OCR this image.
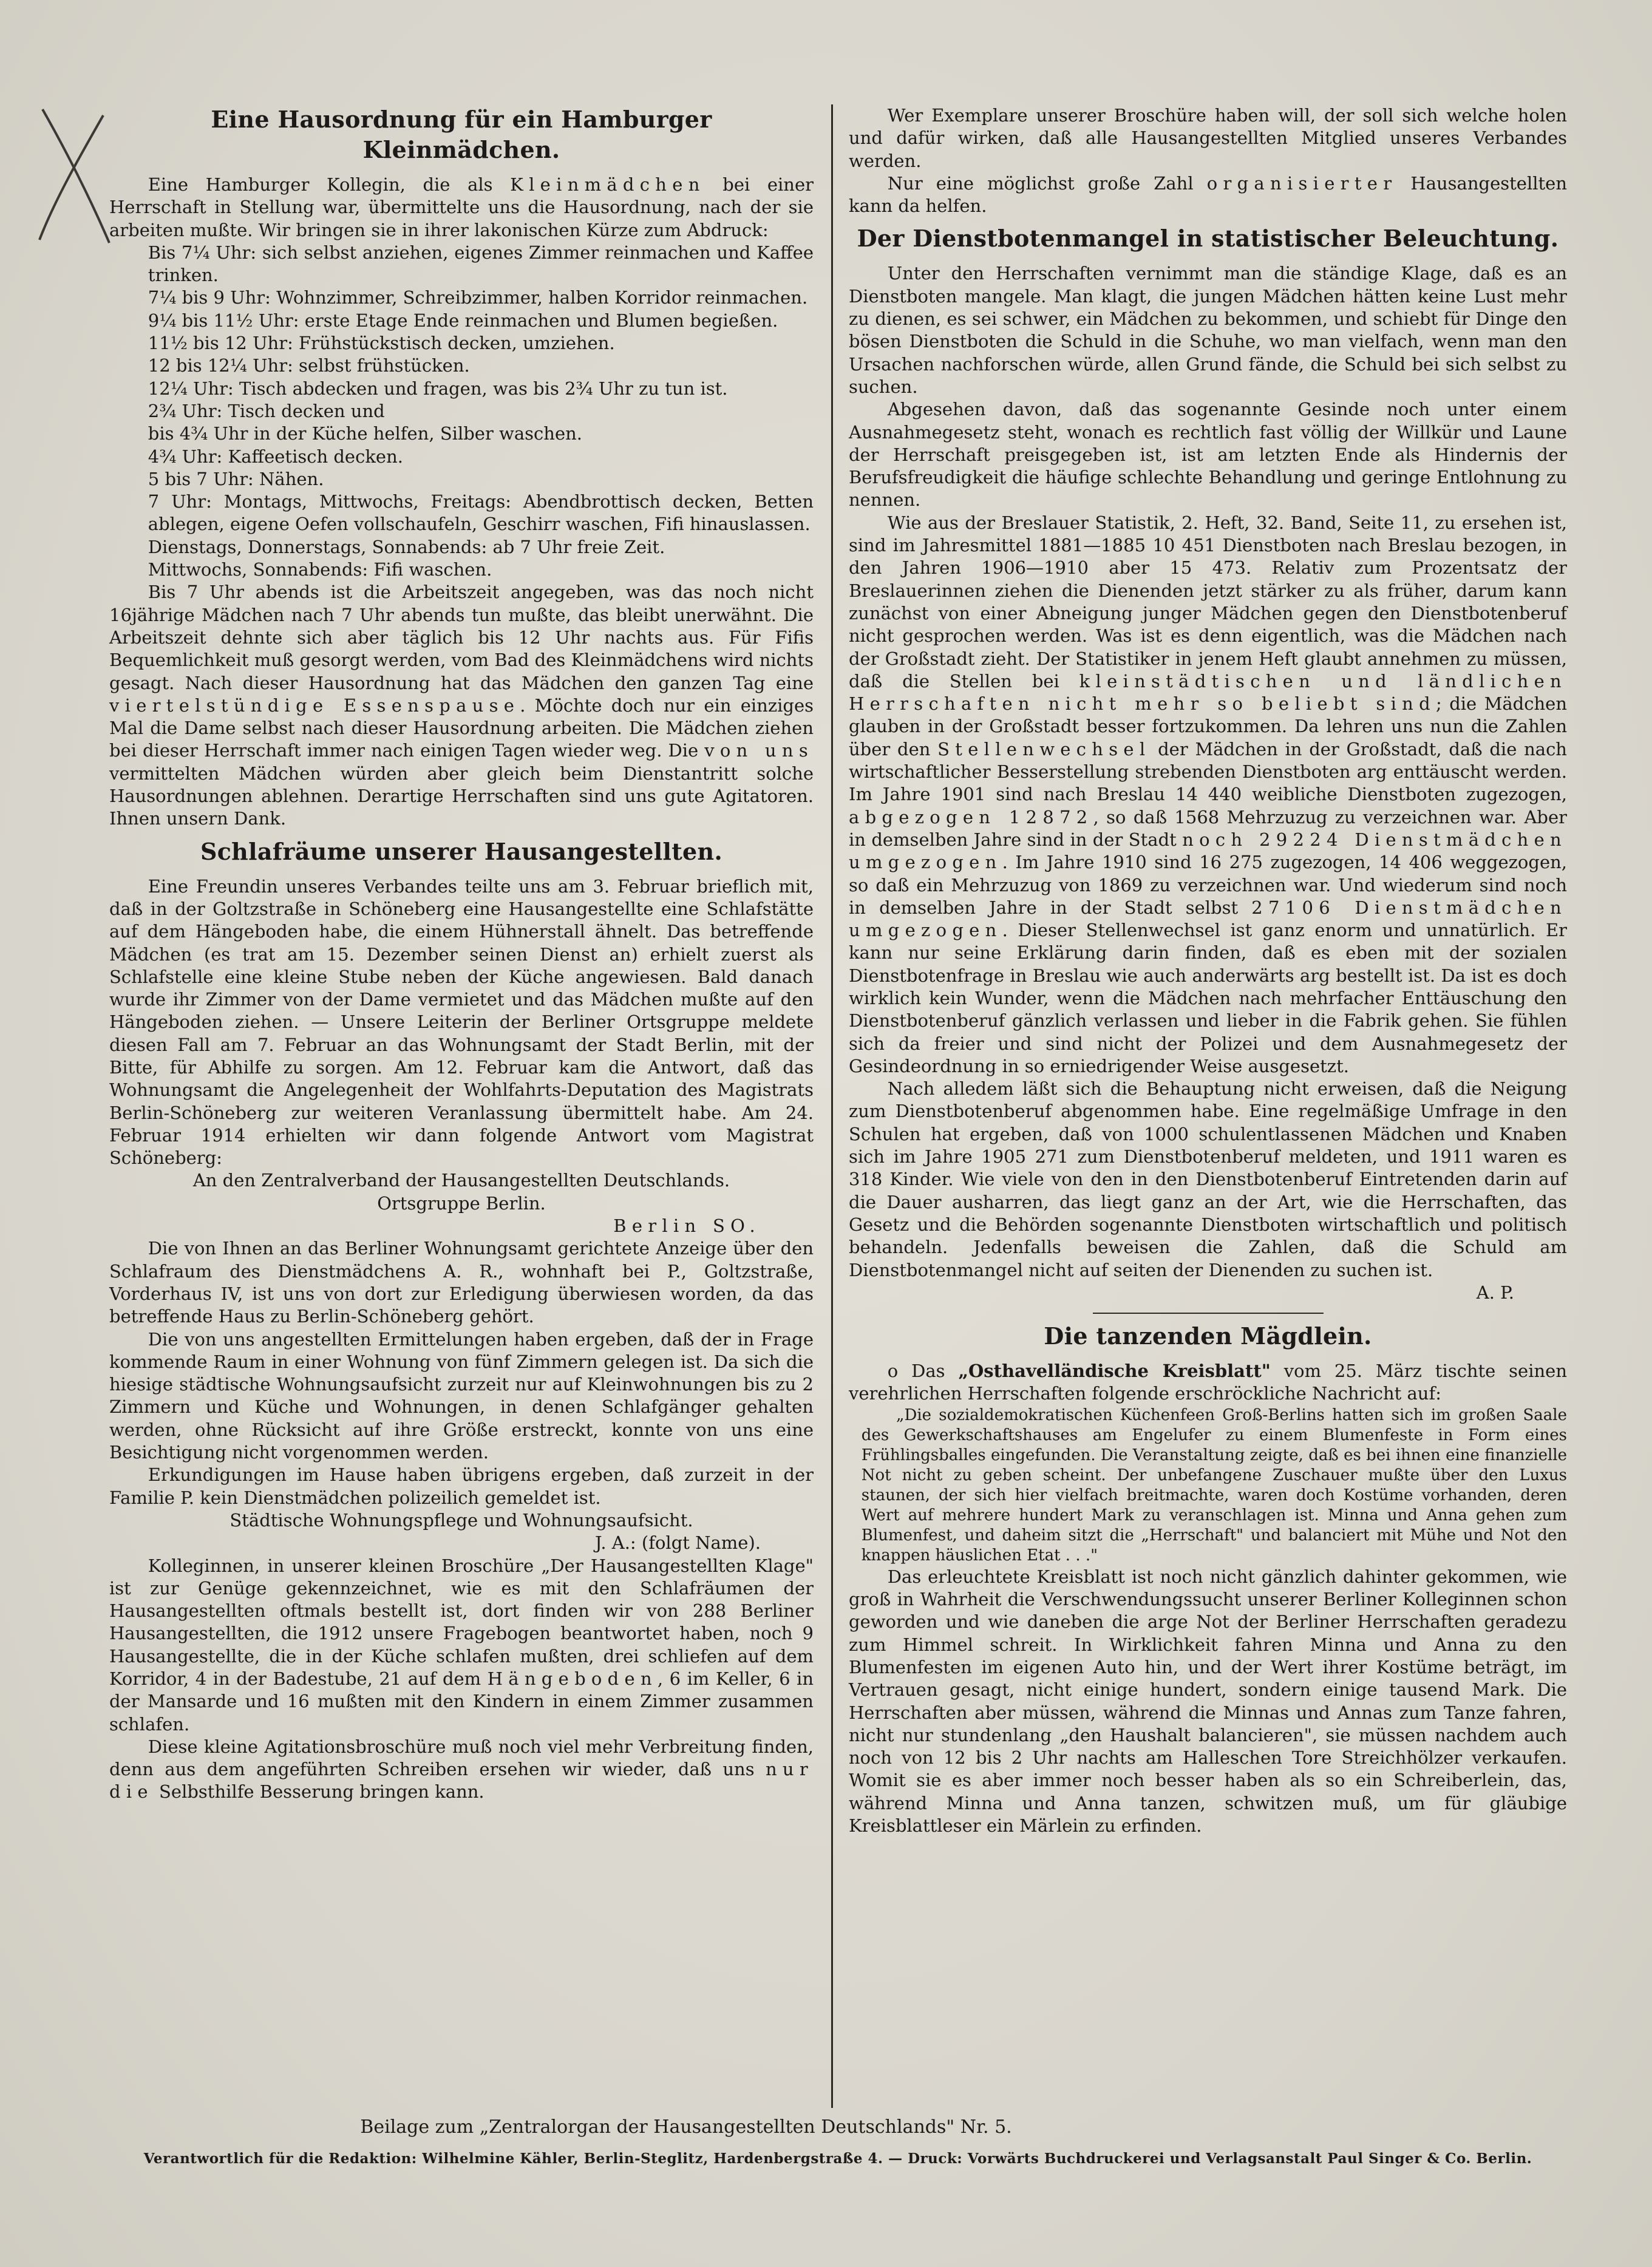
Eine Hausordnung für ein Hamburger Kleinmädchen.

Eine Hamburger Kollegin, die als Kleinmädchen bei einer Herrschaft in Stellung war, übermittelte uns die Hausordnung, nach der sie arbeiten mußte. Wir bringen sie in ihrer lakonischen Kürze zum Abdruck:

Bis 7¼ Uhr: sich selbst anziehen, eigenes Zimmer reinmachen und Kaffee trinken.

7¼ bis 9 Uhr: Wohnzimmer, Schreibzimmer, halben Korridor reinmachen.

9¼ bis 11½ Uhr: erste Etage Ende reinmachen und Blumen begießen.

11½ bis 12 Uhr: Frühstückstisch decken, umziehen.

12 bis 12¼ Uhr: selbst frühstücken.

12¼ Uhr: Tisch abdecken und fragen, was bis 2¾ Uhr zu tun ist.

2¾ Uhr: Tisch decken und

bis 4¾ Uhr in der Küche helfen, Silber waschen.

4¾ Uhr: Kaffeetisch decken.

5 bis 7 Uhr: Nähen.

7 Uhr: Montags, Mittwochs, Freitags: Abendbrottisch decken, Betten ablegen, eigene Oefen vollschaufeln, Geschirr waschen, Fifi hinauslassen.

Dienstags, Donnerstags, Sonnabends: ab 7 Uhr freie Zeit.

Mittwochs, Sonnabends: Fifi waschen.

Bis 7 Uhr abends ist die Arbeitszeit angegeben, was das noch nicht 16jährige Mädchen nach 7 Uhr abends tun mußte, das bleibt unerwähnt. Die Arbeitszeit dehnte sich aber täglich bis 12 Uhr nachts aus. Für Fifis Bequemlichkeit muß gesorgt werden, vom Bad des Kleinmädchens wird nichts gesagt. Nach dieser Hausordnung hat das Mädchen den ganzen Tag eine viertelstündige Essenspause. Möchte doch nur ein einziges Mal die Dame selbst nach dieser Hausordnung arbeiten. Die Mädchen ziehen bei dieser Herrschaft immer nach einigen Tagen wieder weg. Die von uns vermittelten Mädchen würden aber gleich beim Dienstantritt solche Hausordnungen ablehnen. Derartige Herrschaften sind uns gute Agitatoren. Ihnen unsern Dank.

Schlafräume unserer Hausangestellten.

Eine Freundin unseres Verbandes teilte uns am 3. Februar brieflich mit, daß in der Goltzstraße in Schöneberg eine Hausangestellte eine Schlafstätte auf dem Hängeboden habe, die einem Hühnerstall ähnelt. Das betreffende Mädchen (es trat am 15. Dezember seinen Dienst an) erhielt zuerst als Schlafstelle eine kleine Stube neben der Küche angewiesen. Bald danach wurde ihr Zimmer von der Dame vermietet und das Mädchen mußte auf den Hängeboden ziehen. — Unsere Leiterin der Berliner Ortsgruppe meldete diesen Fall am 7. Februar an das Wohnungsamt der Stadt Berlin, mit der Bitte, für Abhilfe zu sorgen. Am 12. Februar kam die Antwort, daß das Wohnungsamt die Angelegenheit der Wohlfahrts-Deputation des Magistrats Berlin-Schöneberg zur weiteren Veranlassung übermittelt habe. Am 24. Februar 1914 erhielten wir dann folgende Antwort vom Magistrat Schöneberg:

An den Zentralverband der Hausangestellten Deutschlands.

Ortsgruppe Berlin.

Berlin SO.

Die von Ihnen an das Berliner Wohnungsamt gerichtete Anzeige über den Schlafraum des Dienstmädchens A. R., wohnhaft bei P., Goltzstraße, Vorderhaus IV, ist uns von dort zur Erledigung überwiesen worden, da das betreffende Haus zu Berlin-Schöneberg gehört.

Die von uns angestellten Ermittelungen haben ergeben, daß der in Frage kommende Raum in einer Wohnung von fünf Zimmern gelegen ist. Da sich die hiesige städtische Wohnungsaufsicht zurzeit nur auf Kleinwohnungen bis zu 2 Zimmern und Küche und Wohnungen, in denen Schlafgänger gehalten werden, ohne Rücksicht auf ihre Größe erstreckt, konnte von uns eine Besichtigung nicht vorgenommen werden.

Erkundigungen im Hause haben übrigens ergeben, daß zurzeit in der Familie P. kein Dienstmädchen polizeilich gemeldet ist.

Städtische Wohnungspflege und Wohnungsaufsicht.

J. A.: (folgt Name).

Kolleginnen, in unserer kleinen Broschüre „Der Hausangestellten Klage" ist zur Genüge gekennzeichnet, wie es mit den Schlafräumen der Hausangestellten oftmals bestellt ist, dort finden wir von 288 Berliner Hausangestellten, die 1912 unsere Fragebogen beantwortet haben, noch 9 Hausangestellte, die in der Küche schlafen mußten, drei schliefen auf dem Korridor, 4 in der Badestube, 21 auf dem Hängeboden, 6 im Keller, 6 in der Mansarde und 16 mußten mit den Kindern in einem Zimmer zusammen schlafen.

Diese kleine Agitationsbroschüre muß noch viel mehr Verbreitung finden, denn aus dem angeführten Schreiben ersehen wir wieder, daß uns nur die Selbsthilfe Besserung bringen kann.

Wer Exemplare unserer Broschüre haben will, der soll sich welche holen und dafür wirken, daß alle Hausangestellten Mitglied unseres Verbandes werden.

Nur eine möglichst große Zahl organisierter Hausangestellten kann da helfen.

Der Dienstbotenmangel in statistischer Beleuchtung.

Unter den Herrschaften vernimmt man die ständige Klage, daß es an Dienstboten mangele. Man klagt, die jungen Mädchen hätten keine Lust mehr zu dienen, es sei schwer, ein Mädchen zu bekommen, und schiebt für Dinge den bösen Dienstboten die Schuld in die Schuhe, wo man vielfach, wenn man den Ursachen nachforschen würde, allen Grund fände, die Schuld bei sich selbst zu suchen.

Abgesehen davon, daß das sogenannte Gesinde noch unter einem Ausnahmegesetz steht, wonach es rechtlich fast völlig der Willkür und Laune der Herrschaft preisgegeben ist, ist am letzten Ende als Hindernis der Berufsfreudigkeit die häufige schlechte Behandlung und geringe Entlohnung zu nennen.

Wie aus der Breslauer Statistik, 2. Heft, 32. Band, Seite 11, zu ersehen ist, sind im Jahresmittel 1881—1885 10 451 Dienstboten nach Breslau bezogen, in den Jahren 1906—1910 aber 15 473. Relativ zum Prozentsatz der Breslauerinnen ziehen die Dienenden jetzt stärker zu als früher, darum kann zunächst von einer Abneigung junger Mädchen gegen den Dienstbotenberuf nicht gesprochen werden. Was ist es denn eigentlich, was die Mädchen nach der Großstadt zieht. Der Statistiker in jenem Heft glaubt annehmen zu müssen, daß die Stellen bei kleinstädtischen und ländlichen Herrschaften nicht mehr so beliebt sind; die Mädchen glauben in der Großstadt besser fortzukommen. Da lehren uns nun die Zahlen über den Stellenwechsel der Mädchen in der Großstadt, daß die nach wirtschaftlicher Besserstellung strebenden Dienstboten arg enttäuscht werden. Im Jahre 1901 sind nach Breslau 14 440 weibliche Dienstboten zugezogen, abgezogen 12872, so daß 1568 Mehrzuzug zu verzeichnen war. Aber in demselben Jahre sind in der Stadt noch 29224 Dienstmädchen umgezogen. Im Jahre 1910 sind 16 275 zugezogen, 14 406 weggezogen, so daß ein Mehrzuzug von 1869 zu verzeichnen war. Und wiederum sind noch in demselben Jahre in der Stadt selbst 27106 Dienstmädchen umgezogen. Dieser Stellenwechsel ist ganz enorm und unnatürlich. Er kann nur seine Erklärung darin finden, daß es eben mit der sozialen Dienstbotenfrage in Breslau wie auch anderwärts arg bestellt ist. Da ist es doch wirklich kein Wunder, wenn die Mädchen nach mehrfacher Enttäuschung den Dienstbotenberuf gänzlich verlassen und lieber in die Fabrik gehen. Sie fühlen sich da freier und sind nicht der Polizei und dem Ausnahmegesetz der Gesindeordnung in so erniedrigender Weise ausgesetzt.

Nach alledem läßt sich die Behauptung nicht erweisen, daß die Neigung zum Dienstbotenberuf abgenommen habe. Eine regelmäßige Umfrage in den Schulen hat ergeben, daß von 1000 schulentlassenen Mädchen und Knaben sich im Jahre 1905 271 zum Dienstbotenberuf meldeten, und 1911 waren es 318 Kinder. Wie viele von den in den Dienstbotenberuf Eintretenden darin auf die Dauer ausharren, das liegt ganz an der Art, wie die Herrschaften, das Gesetz und die Behörden sogenannte Dienstboten wirtschaftlich und politisch behandeln. Jedenfalls beweisen die Zahlen, daß die Schuld am Dienstbotenmangel nicht auf seiten der Dienenden zu suchen ist.

A. P.

Die tanzenden Mägdlein.

o Das „Osthavelländische Kreisblatt" vom 25. März tischte seinen verehrlichen Herrschaften folgende erschröckliche Nachricht auf:

„Die sozialdemokratischen Küchenfeen Groß-Berlins hatten sich im großen Saale des Gewerkschaftshauses am Engelufer zu einem Blumenfeste in Form eines Frühlingsballes eingefunden. Die Veranstaltung zeigte, daß es bei ihnen eine finanzielle Not nicht zu geben scheint. Der unbefangene Zuschauer mußte über den Luxus staunen, der sich hier vielfach breitmachte, waren doch Kostüme vorhanden, deren Wert auf mehrere hundert Mark zu veranschlagen ist. Minna und Anna gehen zum Blumenfest, und daheim sitzt die „Herrschaft" und balanciert mit Mühe und Not den knappen häuslichen Etat . . ."

Das erleuchtete Kreisblatt ist noch nicht gänzlich dahinter gekommen, wie groß in Wahrheit die Verschwendungssucht unserer Berliner Kolleginnen schon geworden und wie daneben die arge Not der Berliner Herrschaften geradezu zum Himmel schreit. In Wirklichkeit fahren Minna und Anna zu den Blumenfesten im eigenen Auto hin, und der Wert ihrer Kostüme beträgt, im Vertrauen gesagt, nicht einige hundert, sondern einige tausend Mark. Die Herrschaften aber müssen, während die Minnas und Annas zum Tanze fahren, nicht nur stundenlang „den Haushalt balancieren", sie müssen nachdem auch noch von 12 bis 2 Uhr nachts am Halleschen Tore Streichhölzer verkaufen. Womit sie es aber immer noch besser haben als so ein Schreiberlein, das, während Minna und Anna tanzen, schwitzen muß, um für gläubige Kreisblattleser ein Märlein zu erfinden.

Beilage zum „Zentralorgan der Hausangestellten Deutschlands" Nr. 5.
Verantwortlich für die Redaktion: Wilhelmine Kähler, Berlin-Steglitz, Hardenbergstraße 4. — Druck: Vorwärts Buchdruckerei und Verlagsanstalt Paul Singer & Co. Berlin.
